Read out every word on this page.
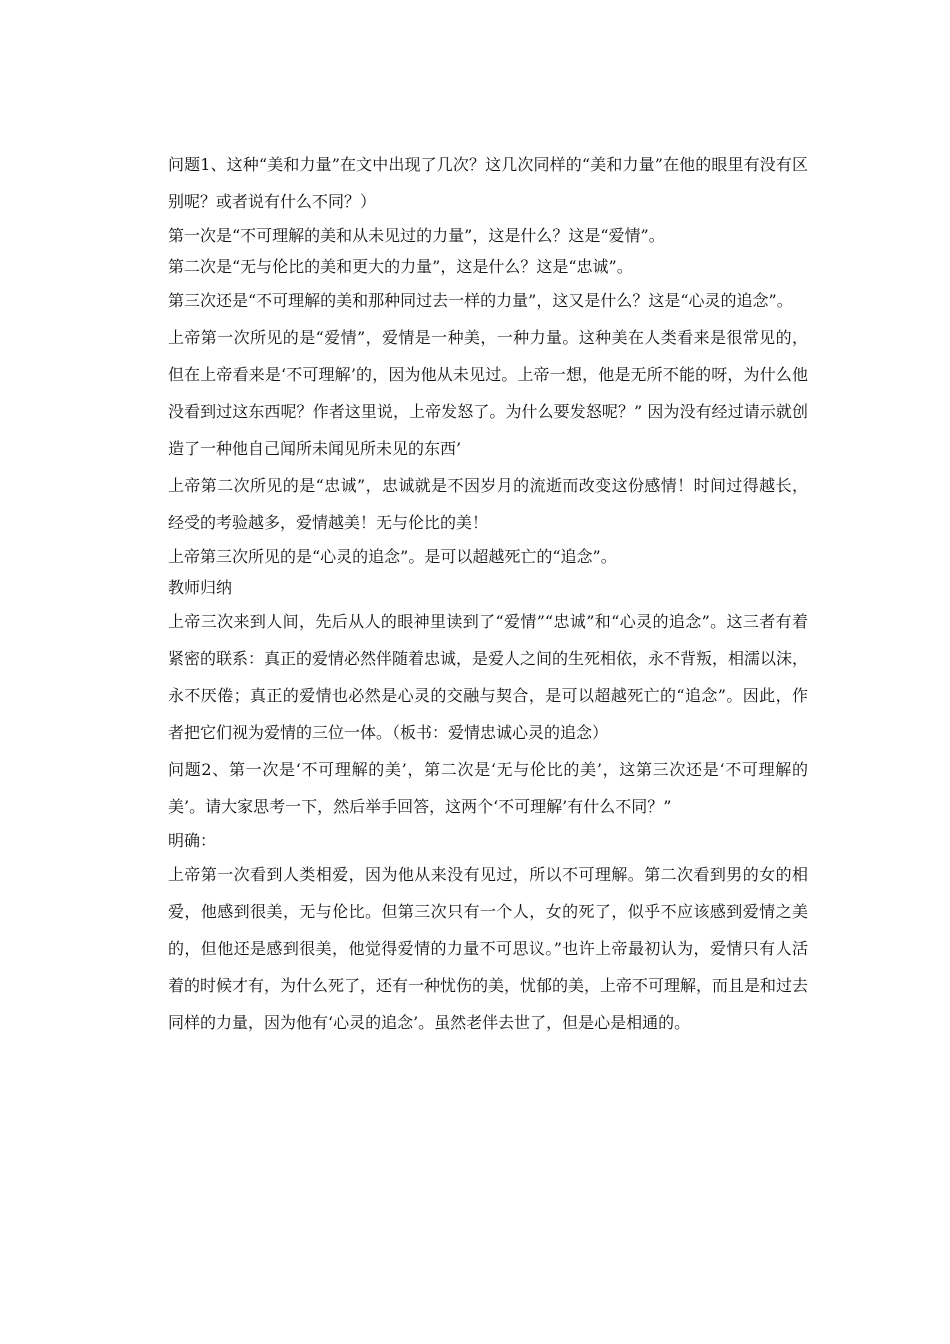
问题1、这种“美和力量”在文中出现了几次？这几次同样的“美和力量”在他的眼里有没有区别呢？或者说有什么不同？）

第一次是“不可理解的美和从未见过的力量”，这是什么？这是“爱情”。

第二次是“无与伦比的美和更大的力量”，这是什么？这是“忠诚”。

第三次还是“不可理解的美和那种同过去一样的力量”，这又是什么？这是“心灵的追念”。

上帝第一次所见的是“爱情”，爱情是一种美，一种力量。这种美在人类看来是很常见的，但在上帝看来是‘不可理解’的，因为他从未见过。上帝一想，他是无所不能的呀，为什么他没看到过这东西呢？作者这里说，上帝发怒了。为什么要发怒呢？” 因为没有经过请示就创造了一种他自己闻所未闻见所未见的东西’

上帝第二次所见的是“忠诚”，忠诚就是不因岁月的流逝而改变这份感情！时间过得越长，经受的考验越多，爱情越美！无与伦比的美！

上帝第三次所见的是“心灵的追念”。是可以超越死亡的“追念”。

教师归纳

上帝三次来到人间，先后从人的眼神里读到了“爱情”“忠诚”和“心灵的追念”。这三者有着紧密的联系：真正的爱情必然伴随着忠诚，是爱人之间的生死相依，永不背叛，相濡以沫，永不厌倦；真正的爱情也必然是心灵的交融与契合，是可以超越死亡的“追念”。因此，作者把它们视为爱情的三位一体。（板书：爱情忠诚心灵的追念）

问题2、第一次是‘不可理解的美’，第二次是‘无与伦比的美’，这第三次还是‘不可理解的美’。请大家思考一下，然后举手回答，这两个‘不可理解’有什么不同？”

明确：

上帝第一次看到人类相爱，因为他从来没有见过，所以不可理解。第二次看到男的女的相爱，他感到很美，无与伦比。但第三次只有一个人，女的死了，似乎不应该感到爱情之美的，但他还是感到很美，他觉得爱情的力量不可思议。”也许上帝最初认为，爱情只有人活着的时候才有，为什么死了，还有一种忧伤的美，忧郁的美，上帝不可理解，而且是和过去同样的力量，因为他有‘心灵的追念’。虽然老伴去世了，但是心是相通的。
